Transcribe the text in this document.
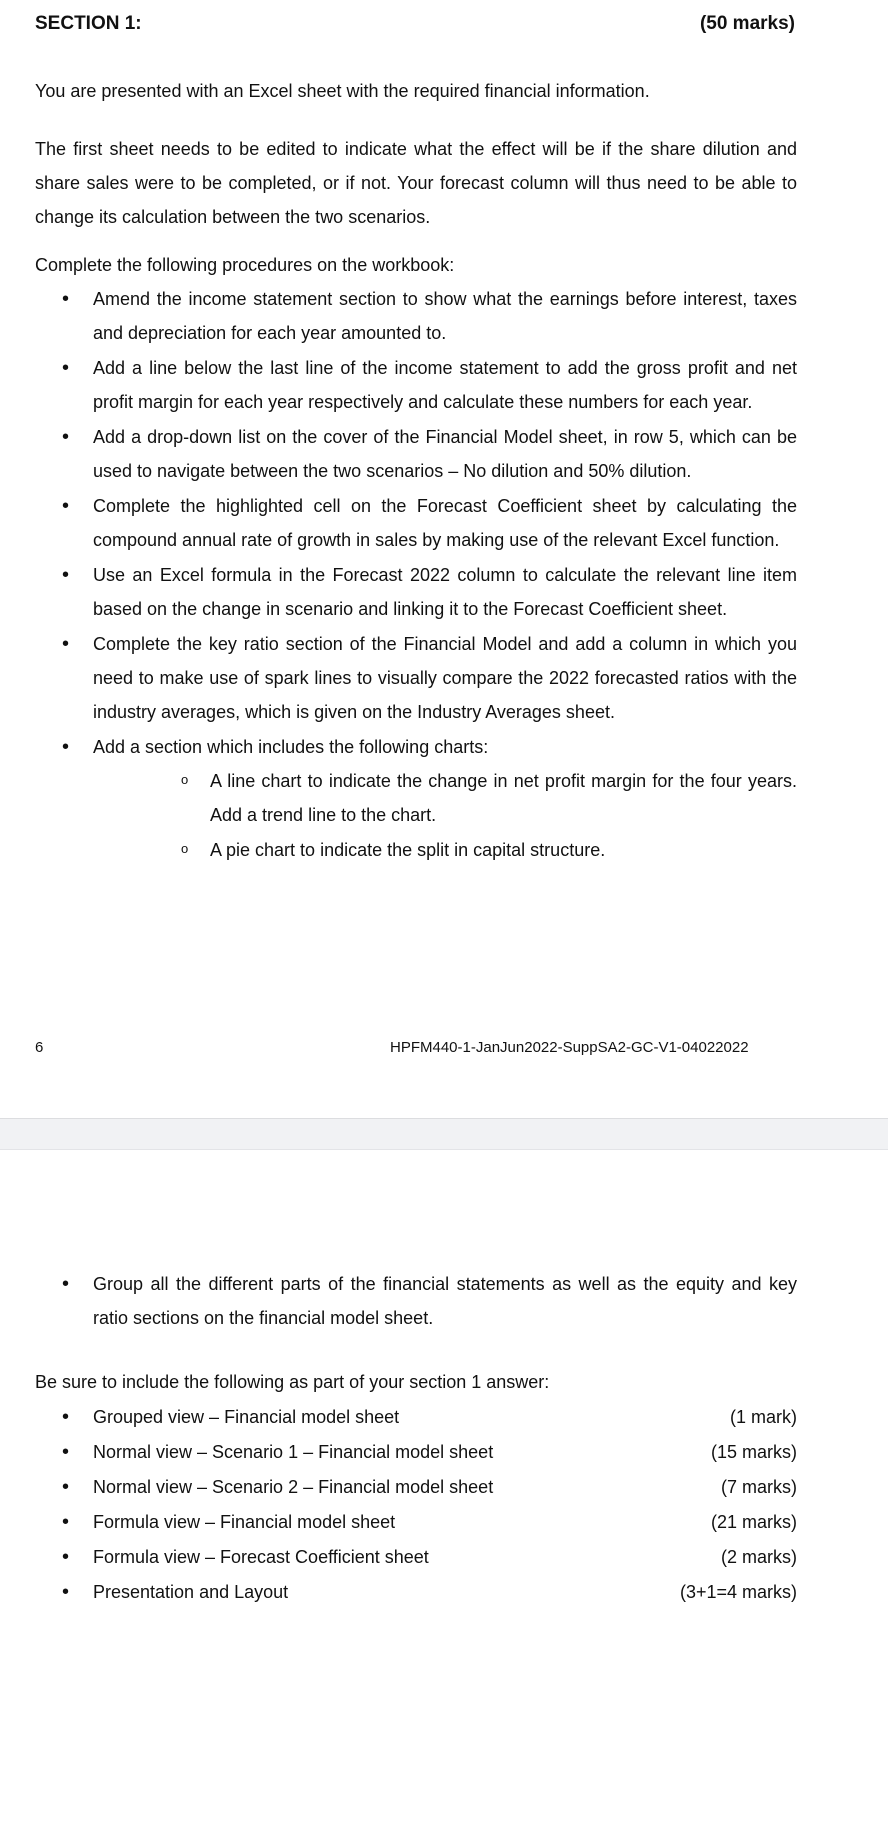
SECTION 1:	(50 marks)

You are presented with an Excel sheet with the required financial information.

The first sheet needs to be edited to indicate what the effect will be if the share dilution and share sales were to be completed, or if not. Your forecast column will thus need to be able to change its calculation between the two scenarios.

Complete the following procedures on the workbook:

• Amend the income statement section to show what the earnings before interest, taxes and depreciation for each year amounted to.
• Add a line below the last line of the income statement to add the gross profit and net profit margin for each year respectively and calculate these numbers for each year.
• Add a drop-down list on the cover of the Financial Model sheet, in row 5, which can be used to navigate between the two scenarios – No dilution and 50% dilution.
• Complete the highlighted cell on the Forecast Coefficient sheet by calculating the compound annual rate of growth in sales by making use of the relevant Excel function.
• Use an Excel formula in the Forecast 2022 column to calculate the relevant line item based on the change in scenario and linking it to the Forecast Coefficient sheet.
• Complete the key ratio section of the Financial Model and add a column in which you need to make use of spark lines to visually compare the 2022 forecasted ratios with the industry averages, which is given on the Industry Averages sheet.
• Add a section which includes the following charts:
o A line chart to indicate the change in net profit margin for the four years. Add a trend line to the chart.
o A pie chart to indicate the split in capital structure.
6	HPFM440-1-JanJun2022-SuppSA2-GC-V1-04022022
• Group all the different parts of the financial statements as well as the equity and key ratio sections on the financial model sheet.

Be sure to include the following as part of your section 1 answer:

• Grouped view – Financial model sheet	(1 mark)
• Normal view – Scenario 1 – Financial model sheet	(15 marks)
• Normal view – Scenario 2 – Financial model sheet	(7 marks)
• Formula view – Financial model sheet	(21 marks)
• Formula view – Forecast Coefficient sheet	(2 marks)
• Presentation and Layout	(3+1=4 marks)
